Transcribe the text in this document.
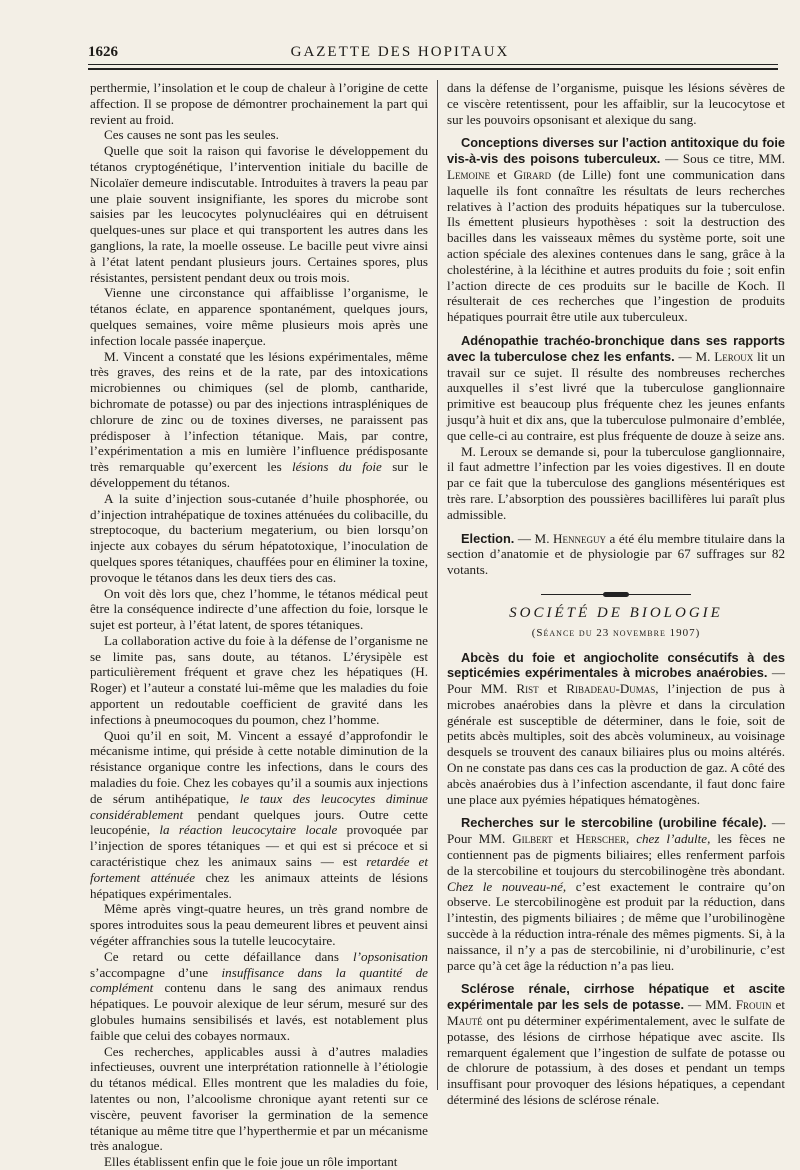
1626	GAZETTE DES HOPITAUX

perthermie, l’insolation et le coup de chaleur à l’origine de cette affection. Il se propose de démontrer prochainement la part qui revient au froid.

Ces causes ne sont pas les seules.

Quelle que soit la raison qui favorise le développement du tétanos cryptogénétique, l’intervention initiale du bacille de Nicolaïer demeure indiscutable. Introduites à travers la peau par une plaie souvent insignifiante, les spores du microbe sont saisies par les leucocytes polynucléaires qui en détruisent quelques-unes sur place et qui transportent les autres dans les ganglions, la rate, la moelle osseuse. Le bacille peut vivre ainsi à l’état latent pendant plusieurs jours. Certaines spores, plus résistantes, persistent pendant deux ou trois mois.

Vienne une circonstance qui affaiblisse l’organisme, le tétanos éclate, en apparence spontanément, quelques jours, quelques semaines, voire même plusieurs mois après une infection locale passée inaperçue.

M. Vincent a constaté que les lésions expérimentales, même très graves, des reins et de la rate, par des intoxications microbiennes ou chimiques (sel de plomb, cantharide, bichromate de potasse) ou par des injections intraspléniques de chlorure de zinc ou de toxines diverses, ne paraissent pas prédisposer à l’infection tétanique. Mais, par contre, l’expérimentation a mis en lumière l’influence prédisposante très remarquable qu’exercent les lésions du foie sur le développement du tétanos.

A la suite d’injection sous-cutanée d’huile phosphorée, ou d’injection intrahépatique de toxines atténuées du colibacille, du streptocoque, du bacterium megaterium, ou bien lorsqu’on injecte aux cobayes du sérum hépatotoxique, l’inoculation de quelques spores tétaniques, chauffées pour en éliminer la toxine, provoque le tétanos dans les deux tiers des cas.

On voit dès lors que, chez l’homme, le tétanos médical peut être la conséquence indirecte d’une affection du foie, lorsque le sujet est porteur, à l’état latent, de spores tétaniques.

La collaboration active du foie à la défense de l’organisme ne se limite pas, sans doute, au tétanos. L’érysipèle est particulièrement fréquent et grave chez les hépatiques (H. Roger) et l’auteur a constaté lui-même que les maladies du foie apportent un redoutable coefficient de gravité dans les infections à pneumocoques du poumon, chez l’homme.

Quoi qu’il en soit, M. Vincent a essayé d’approfondir le mécanisme intime, qui préside à cette notable diminution de la résistance organique contre les infections, dans le cours des maladies du foie. Chez les cobayes qu’il a soumis aux injections de sérum antihépatique, le taux des leucocytes diminue considérablement pendant quelques jours. Outre cette leucopénie, la réaction leucocytaire locale provoquée par l’injection de spores tétaniques — et qui est si précoce et si caractéristique chez les animaux sains — est retardée et fortement atténuée chez les animaux atteints de lésions hépatiques expérimentales.

Même après vingt-quatre heures, un très grand nombre de spores introduites sous la peau demeurent libres et peuvent ainsi végéter affranchies sous la tutelle leucocytaire.

Ce retard ou cette défaillance dans l’opsonisation s’accompagne d’une insuffisance dans la quantité de complément contenu dans le sang des animaux rendus hépatiques. Le pouvoir alexique de leur sérum, mesuré sur des globules humains sensibilisés et lavés, est notablement plus faible que celui des cobayes normaux.

Ces recherches, applicables aussi à d’autres maladies infectieuses, ouvrent une interprétation rationnelle à l’étiologie du tétanos médical. Elles montrent que les maladies du foie, latentes ou non, l’alcoolisme chronique ayant retenti sur ce viscère, peuvent favoriser la germination de la semence tétanique au même titre que l’hyperthermie et par un mécanisme très analogue.

Elles établissent enfin que le foie joue un rôle important

dans la défense de l’organisme, puisque les lésions sévères de ce viscère retentissent, pour les affaiblir, sur la leucocytose et sur les pouvoirs opsonisant et alexique du sang.

Conceptions diverses sur l’action antitoxique du foie vis-à-vis des poisons tuberculeux. — Sous ce titre, MM. Lemoine et Girard (de Lille) font une communication dans laquelle ils font connaître les résultats de leurs recherches relatives à l’action des produits hépatiques sur la tuberculose. Ils émettent plusieurs hypothèses : soit la destruction des bacilles dans les vaisseaux mêmes du système porte, soit une action spéciale des alexines contenues dans le sang, grâce à la cholestérine, à la lécithine et autres produits du foie ; soit enfin l’action directe de ces produits sur le bacille de Koch. Il résulterait de ces recherches que l’ingestion de produits hépatiques pourrait être utile aux tuberculeux.

Adénopathie trachéo-bronchique dans ses rapports avec la tuberculose chez les enfants. — M. Leroux lit un travail sur ce sujet. Il résulte des nombreuses recherches auxquelles il s’est livré que la tuberculose ganglionnaire primitive est beaucoup plus fréquente chez les jeunes enfants jusqu’à huit et dix ans, que la tuberculose pulmonaire d’emblée, que celle-ci au contraire, est plus fréquente de douze à seize ans.

M. Leroux se demande si, pour la tuberculose ganglionnaire, il faut admettre l’infection par les voies digestives. Il en doute par ce fait que la tuberculose des ganglions mésentériques est très rare. L’absorption des poussières bacillifères lui paraît plus admissible.

Election. — M. Henneguy a été élu membre titulaire dans la section d’anatomie et de physiologie par 67 suffrages sur 82 votants.

SOCIÉTÉ DE BIOLOGIE
(Séance du 23 novembre 1907)

Abcès du foie et angiocholite consécutifs à des septicémies expérimentales à microbes anaérobies. — Pour MM. Rist et Ribadeau-Dumas, l’injection de pus à microbes anaérobies dans la plèvre et dans la circulation générale est susceptible de déterminer, dans le foie, soit de petits abcès multiples, soit des abcès volumineux, au voisinage desquels se trouvent des canaux biliaires plus ou moins altérés. On ne constate pas dans ces cas la production de gaz. A côté des abcès anaérobies dus à l’infection ascendante, il faut donc faire une place aux pyémies hépatiques hématogènes.

Recherches sur le stercobiline (urobiline fécale). — Pour MM. Gilbert et Herscher, chez l’adulte, les fèces ne contiennent pas de pigments biliaires; elles renferment parfois de la stercobiline et toujours du stercobilinogène très abondant. Chez le nouveau-né, c’est exactement le contraire qu’on observe. Le stercobilinogène est produit par la réduction, dans l’intestin, des pigments biliaires ; de même que l’urobilinogène succède à la réduction intra-rénale des mêmes pigments. Si, à la naissance, il n’y a pas de stercobilinie, ni d’urobilinurie, c’est parce qu’à cet âge la réduction n’a pas lieu.

Sclérose rénale, cirrhose hépatique et ascite expérimentale par les sels de potasse. — MM. Frouin et Mauté ont pu déterminer expérimentalement, avec le sulfate de potasse, des lésions de cirrhose hépatique avec ascite. Ils remarquent également que l’ingestion de sulfate de potasse ou de chlorure de potassium, à des doses et pendant un temps insuffisant pour provoquer des lésions hépatiques, a cependant déterminé des lésions de sclérose rénale.
